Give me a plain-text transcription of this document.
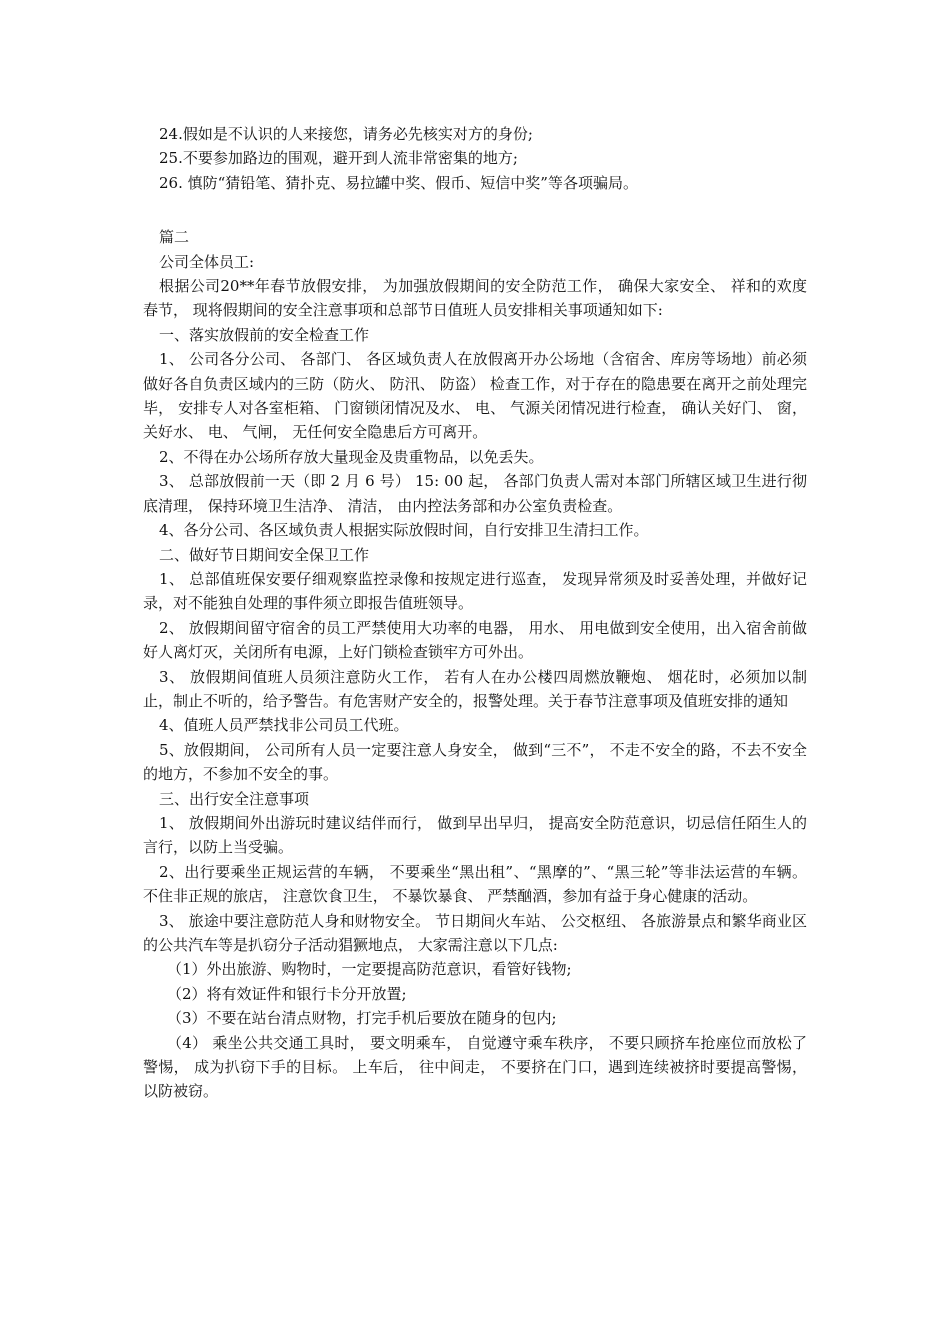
24.假如是不认识的人来接您，请务必先核实对方的身份;

25.不要参加路边的围观，避开到人流非常密集的地方;

26. 慎防“猜铅笔、猜扑克、易拉罐中奖、假币、短信中奖”等各项骗局。

篇二

公司全体员工:

根据公司20**年春节放假安排， 为加强放假期间的安全防范工作， 确保大家安全、 祥和的欢度春节， 现将假期间的安全注意事项和总部节日值班人员安排相关事项通知如下:

一、落实放假前的安全检查工作

1、 公司各分公司、 各部门、 各区域负责人在放假离开办公场地（含宿舍、库房等场地）前必须做好各自负责区域内的三防（防火、 防汛、 防盗） 检查工作，对于存在的隐患要在离开之前处理完毕， 安排专人对各室柜箱、 门窗锁闭情况及水、 电、 气源关闭情况进行检查， 确认关好门、 窗，关好水、 电、 气闸， 无任何安全隐患后方可离开。

2、不得在办公场所存放大量现金及贵重物品，以免丢失。

3、 总部放假前一天（即 2 月 6 号） 15: 00 起， 各部门负责人需对本部门所辖区域卫生进行彻底清理， 保持环境卫生洁净、 清洁， 由内控法务部和办公室负责检查。

4、各分公司、各区域负责人根据实际放假时间，自行安排卫生清扫工作。

二、做好节日期间安全保卫工作

1、 总部值班保安要仔细观察监控录像和按规定进行巡查， 发现异常须及时妥善处理，并做好记录，对不能独自处理的事件须立即报告值班领导。

2、 放假期间留守宿舍的员工严禁使用大功率的电器， 用水、 用电做到安全使用，出入宿舍前做好人离灯灭，关闭所有电源，上好门锁检查锁牢方可外出。

3、 放假期间值班人员须注意防火工作， 若有人在办公楼四周燃放鞭炮、 烟花时，必须加以制止，制止不听的，给予警告。有危害财产安全的，报警处理。关于春节注意事项及值班安排的通知

4、值班人员严禁找非公司员工代班。

5、放假期间， 公司所有人员一定要注意人身安全， 做到“三不”， 不走不安全的路，不去不安全的地方，不参加不安全的事。

三、出行安全注意事项

1、 放假期间外出游玩时建议结伴而行， 做到早出早归， 提高安全防范意识，切忌信任陌生人的言行，以防上当受骗。

2、出行要乘坐正规运营的车辆， 不要乘坐“黑出租”、“黑摩的”、“黑三轮”等非法运营的车辆。 不住非正规的旅店， 注意饮食卫生， 不暴饮暴食、 严禁酗酒，参加有益于身心健康的活动。

3、 旅途中要注意防范人身和财物安全。 节日期间火车站、 公交枢纽、 各旅游景点和繁华商业区的公共汽车等是扒窃分子活动猖獗地点， 大家需注意以下几点:

（1）外出旅游、购物时，一定要提高防范意识，看管好钱物;

（2）将有效证件和银行卡分开放置;

（3）不要在站台清点财物，打完手机后要放在随身的包内;

（4） 乘坐公共交通工具时， 要文明乘车， 自觉遵守乘车秩序， 不要只顾挤车抢座位而放松了警惕， 成为扒窃下手的目标。 上车后， 往中间走， 不要挤在门口，遇到连续被挤时要提高警惕，以防被窃。
